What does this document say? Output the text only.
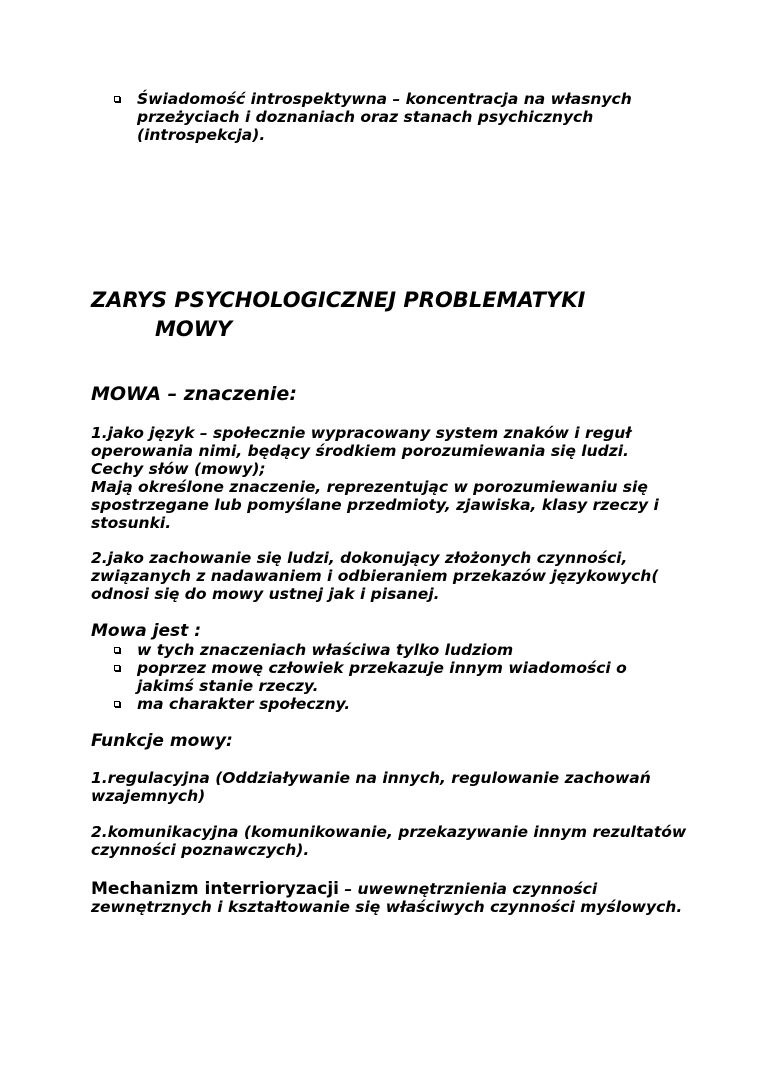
Świadomość introspektywna – koncentracja na własnych przeżyciach i doznaniach oraz stanach psychicznych (introspekcja).
ZARYS PSYCHOLOGICZNEJ PROBLEMATYKI
MOWY
MOWA – znaczenie:

1.jako język – społecznie wypracowany system znaków i reguł operowania nimi, będący środkiem porozumiewania się ludzi.
Cechy słów (mowy);
Mają określone znaczenie, reprezentując w porozumiewaniu się spostrzegane lub pomyślane przedmioty, zjawiska, klasy rzeczy i stosunki.

2.jako zachowanie się ludzi, dokonujący złożonych czynności, związanych z nadawaniem i odbieraniem przekazów językowych( odnosi się do mowy ustnej jak i pisanej.

Mowa jest :
w tych znaczeniach właściwa tylko ludziom
poprzez mowę człowiek przekazuje innym wiadomości o jakimś stanie rzeczy.
ma charakter społeczny.
Funkcje mowy:

1.regulacyjna (Oddziaływanie na innych, regulowanie zachowań wzajemnych)

2.komunikacyjna (komunikowanie, przekazywanie innym rezultatów czynności poznawczych).

Mechanizm interrioryzacji – uwewnętrznienia czynności zewnętrznych i kształtowanie się właściwych czynności myślowych.
